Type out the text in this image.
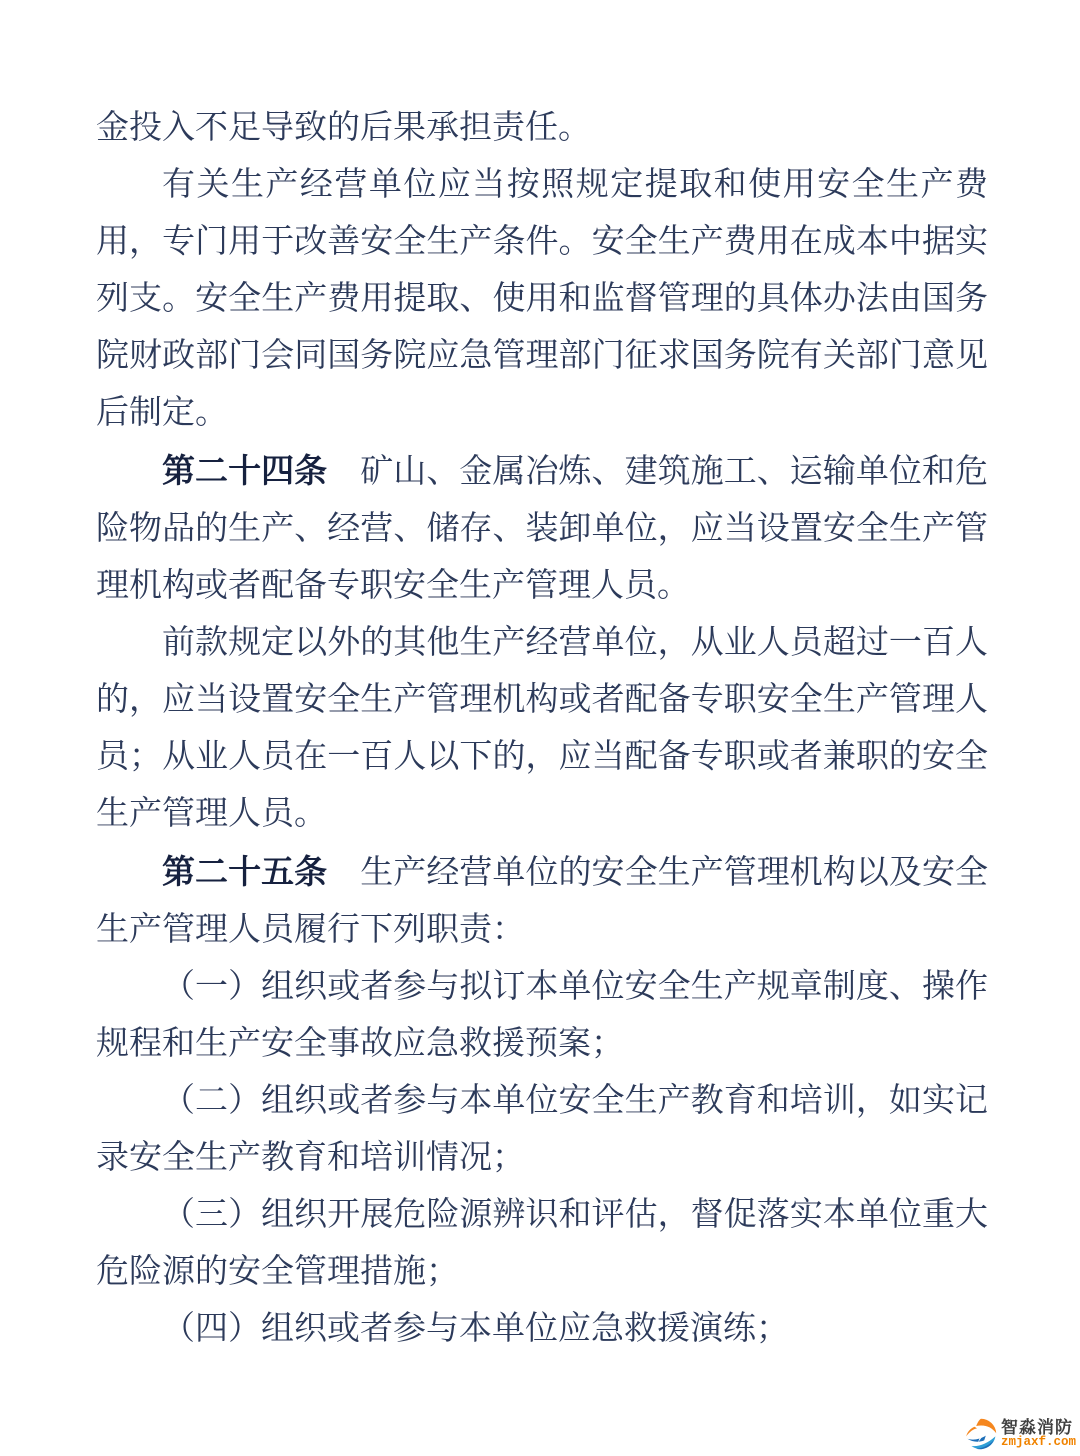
金投入不足导致的后果承担责任。

有关生产经营单位应当按照规定提取和使用安全生产费用，专门用于改善安全生产条件。安全生产费用在成本中据实列支。安全生产费用提取、使用和监督管理的具体办法由国务院财政部门会同国务院应急管理部门征求国务院有关部门意见后制定。

第二十四条　矿山、金属冶炼、建筑施工、运输单位和危险物品的生产、经营、储存、装卸单位，应当设置安全生产管理机构或者配备专职安全生产管理人员。

前款规定以外的其他生产经营单位，从业人员超过一百人的，应当设置安全生产管理机构或者配备专职安全生产管理人员；从业人员在一百人以下的，应当配备专职或者兼职的安全生产管理人员。

第二十五条　生产经营单位的安全生产管理机构以及安全生产管理人员履行下列职责：

（一）组织或者参与拟订本单位安全生产规章制度、操作规程和生产安全事故应急救援预案；

（二）组织或者参与本单位安全生产教育和培训，如实记录安全生产教育和培训情况；

（三）组织开展危险源辨识和评估，督促落实本单位重大危险源的安全管理措施；

（四）组织或者参与本单位应急救援演练；

智淼消防
zmjaxf.com
